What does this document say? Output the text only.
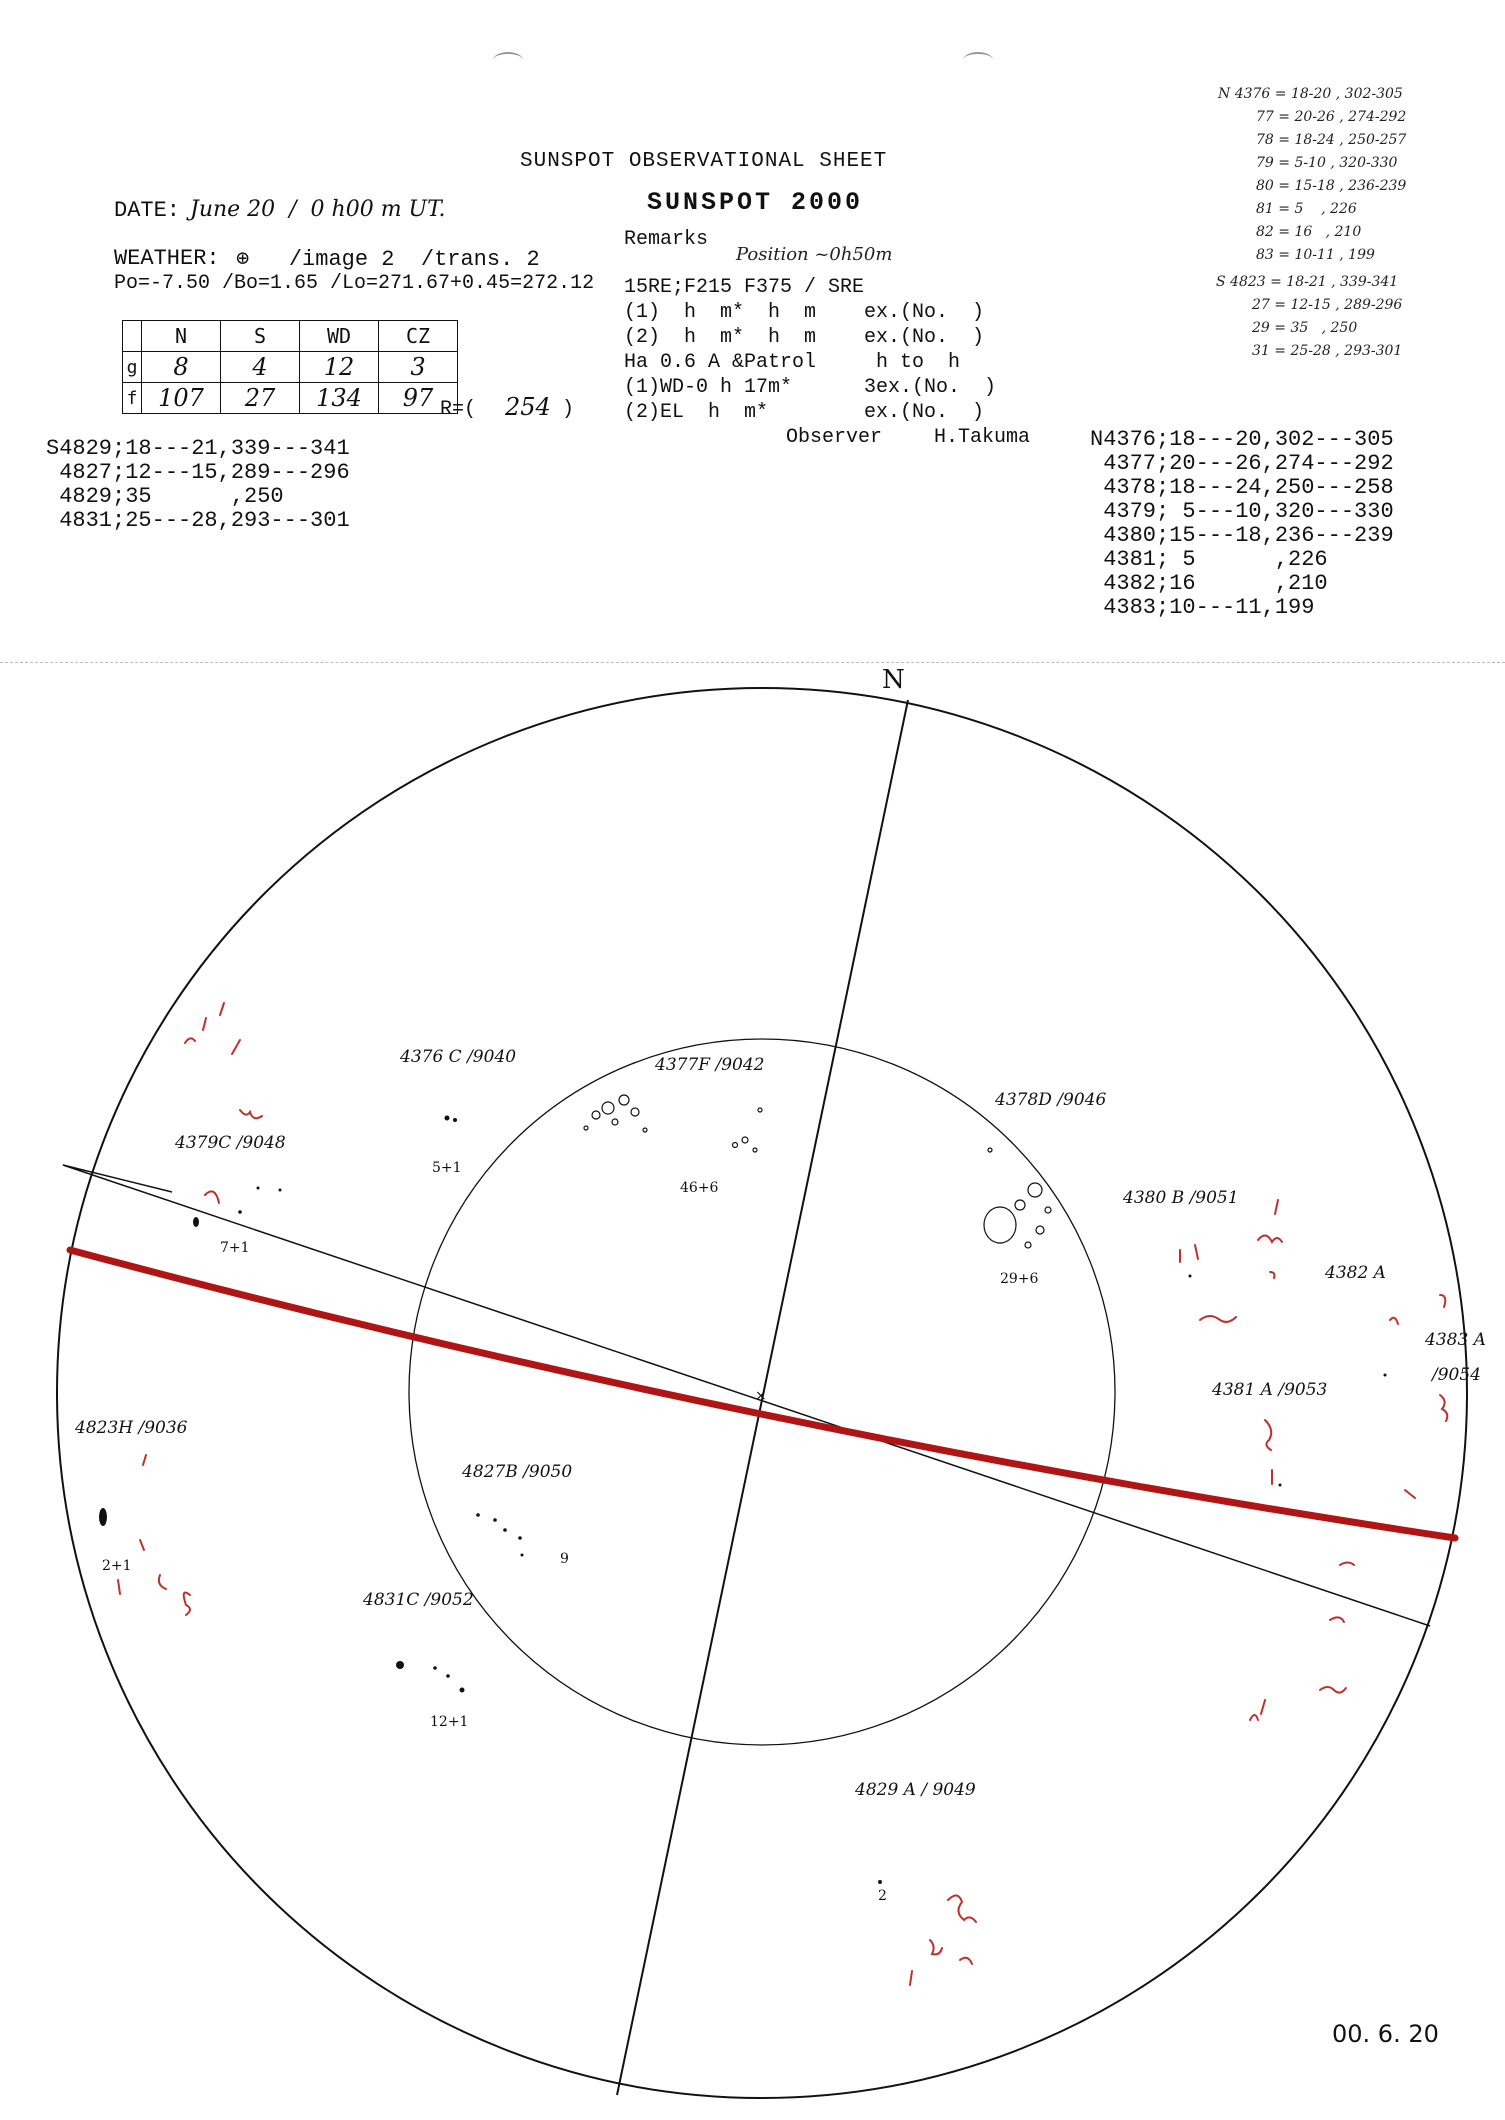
SUNSPOT OBSERVATIONAL SHEET
SUNSPOT 2000
DATE: June 20  /  0 h00 m UT.
WEATHER: ⊕   /image 2  /trans. 2
Po=-7.50 /Bo=1.65 /Lo=271.67+0.45=272.12
Remarks
Position ~0h50m
15RE;F215 F375 / SRE
(1)  h  m*  h  m    ex.(No.  )
(2)  h  m*  h  m    ex.(No.  )
Ha 0.6 A &Patrol     h to  h
(1)WD-0 h 17m*      3ex.(No.  )
(2)EL  h  m*        ex.(No.  )
Observer	H.Takuma
	N	S	WD	CZ
g	8	4	12	3
f	107	27	134	97 R=( 254 )
S4829;18---21,339---341
4827;12---15,289---296
4829;35      ,250
4831;25---28,293---301
N4376;18---20,302---305
4377;20---26,274---292
4378;18---24,250---258
4379; 5---10,320---330
4380;15---18,236---239
4381; 5      ,226
4382;16      ,210
4383;10---11,199
N 4376 = 18-20 , 302-305
77 = 20-26 , 274-292
78 = 18-24 , 250-257
79 = 5-10 , 320-330
80 = 15-18 , 236-239
81 = 5    , 226
82 = 16   , 210
83 = 10-11 , 199
S 4823 = 18-21 , 339-341
27 = 12-15 , 289-296
29 = 35   , 250
31 = 25-28 , 293-301
×
N
4376 C /9040
5+1
4377F /9042
46+6
4378D /9046
29+6
4379C /9048
7+1
4380 B /9051
4382 A
4383 A
/9054
4381 A /9053
4823H /9036
2+1
4827B /9050
9
4831C /9052
12+1
4829 A / 9049
2
00. 6. 20
